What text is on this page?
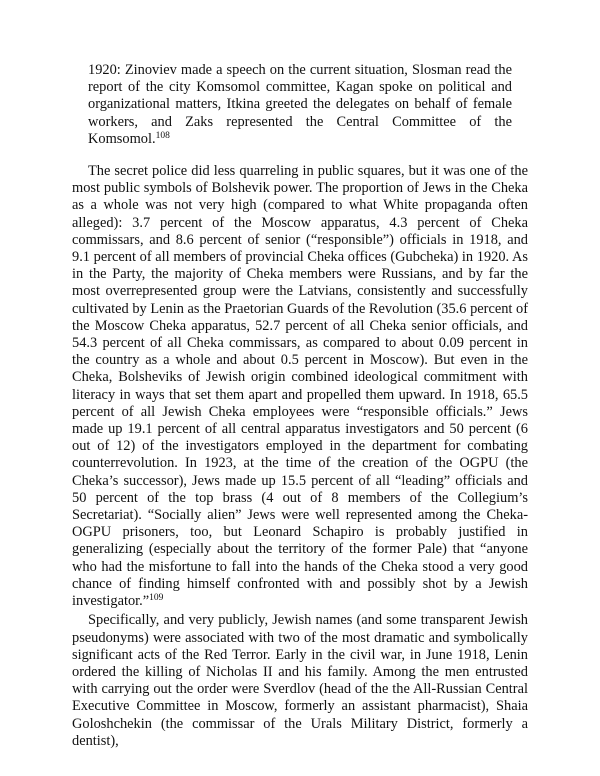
1920: Zinoviev made a speech on the current situation, Slosman read the report of the city Komsomol committee, Kagan spoke on political and organizational matters, Itkina greeted the delegates on behalf of female workers, and Zaks represented the Central Committee of the Komsomol.$^{108}$

The secret police did less quarreling in public squares, but it was one of the most public symbols of Bolshevik power. The proportion of Jews in the Cheka as a whole was not very high (compared to what White propaganda often alleged): 3.7 percent of the Moscow apparatus, 4.3 percent of Cheka commissars, and 8.6 percent of senior (“responsible”) officials in 1918, and 9.1 percent of all members of provincial Cheka offices (Gubcheka) in 1920. As in the Party, the majority of Cheka members were Russians, and by far the most overrepresented group were the Latvians, consistently and successfully cultivated by Lenin as the Praetorian Guards of the Revolution (35.6 percent of the Moscow Cheka apparatus, 52.7 percent of all Cheka senior officials, and 54.3 percent of all Cheka commissars, as compared to about 0.09 percent in the country as a whole and about 0.5 percent in Moscow). But even in the Cheka, Bolsheviks of Jewish origin combined ideological commitment with literacy in ways that set them apart and propelled them upward. In 1918, 65.5 percent of all Jewish Cheka employees were “responsible officials.” Jews made up 19.1 percent of all central apparatus investigators and 50 percent (6 out of 12) of the investigators employed in the department for combating counterrevolution. In 1923, at the time of the creation of the OGPU (the Cheka’s successor), Jews made up 15.5 percent of all “leading” officials and 50 percent of the top brass (4 out of 8 members of the Collegium’s Secretariat). “Socially alien” Jews were well represented among the Cheka-OGPU prisoners, too, but Leonard Schapiro is probably justified in generalizing (especially about the territory of the former Pale) that “anyone who had the misfortune to fall into the hands of the Cheka stood a very good chance of finding himself confronted with and possibly shot by a Jewish investigator.”$^{109}$

Specifically, and very publicly, Jewish names (and some transparent Jewish pseudonyms) were associated with two of the most dramatic and symbolically significant acts of the Red Terror. Early in the civil war, in June 1918, Lenin ordered the killing of Nicholas II and his family. Among the men entrusted with carrying out the order were Sverdlov (head of the the All-Russian Central Executive Committee in Moscow, formerly an assistant pharmacist), Shaia Goloshchekin (the commissar of the Urals Military District, formerly a dentist),
